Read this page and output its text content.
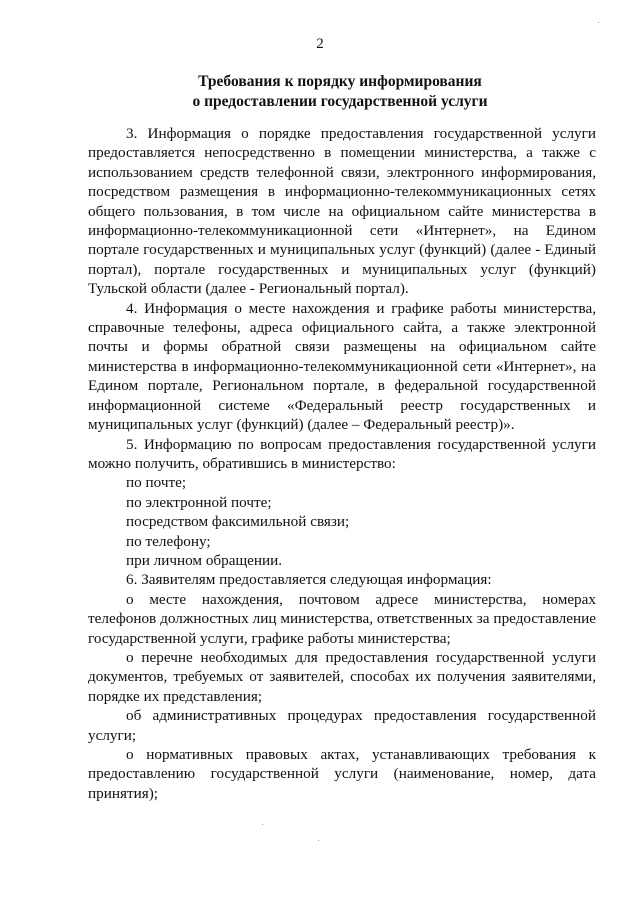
2
Требования к порядку информирования
о предоставлении государственной услуги

3. Информация о порядке предоставления государственной услуги предоставляется непосредственно в помещении министерства, а также с использованием средств телефонной связи, электронного информирования, посредством размещения в информационно-телекоммуникационных сетях общего пользования, в том числе на официальном сайте министерства в информационно-телекоммуникационной сети «Интернет», на Едином портале государственных и муниципальных услуг (функций) (далее - Единый портал), портале государственных и муниципальных услуг (функций) Тульской области (далее - Региональный портал).

4. Информация о месте нахождения и графике работы министерства, справочные телефоны, адреса официального сайта, а также электронной почты и формы обратной связи размещены на официальном сайте министерства в информационно-телекоммуникационной сети «Интернет», на Едином портале, Региональном портале, в федеральной государственной информационной системе «Федеральный реестр государственных и муниципальных услуг (функций) (далее – Федеральный реестр)».

5. Информацию по вопросам предоставления государственной услуги можно получить, обратившись в министерство:

по почте;

по электронной почте;

посредством факсимильной связи;

по телефону;

при личном обращении.

6. Заявителям предоставляется следующая информация:

о месте нахождения, почтовом адресе министерства, номерах телефонов должностных лиц министерства, ответственных за предоставление государственной услуги, графике работы министерства;

о перечне необходимых для предоставления государственной услуги документов, требуемых от заявителей, способах их получения заявителями, порядке их представления;

об административных процедурах предоставления государственной услуги;

о нормативных правовых актах, устанавливающих требования к предоставлению государственной услуги (наименование, номер, дата принятия);
